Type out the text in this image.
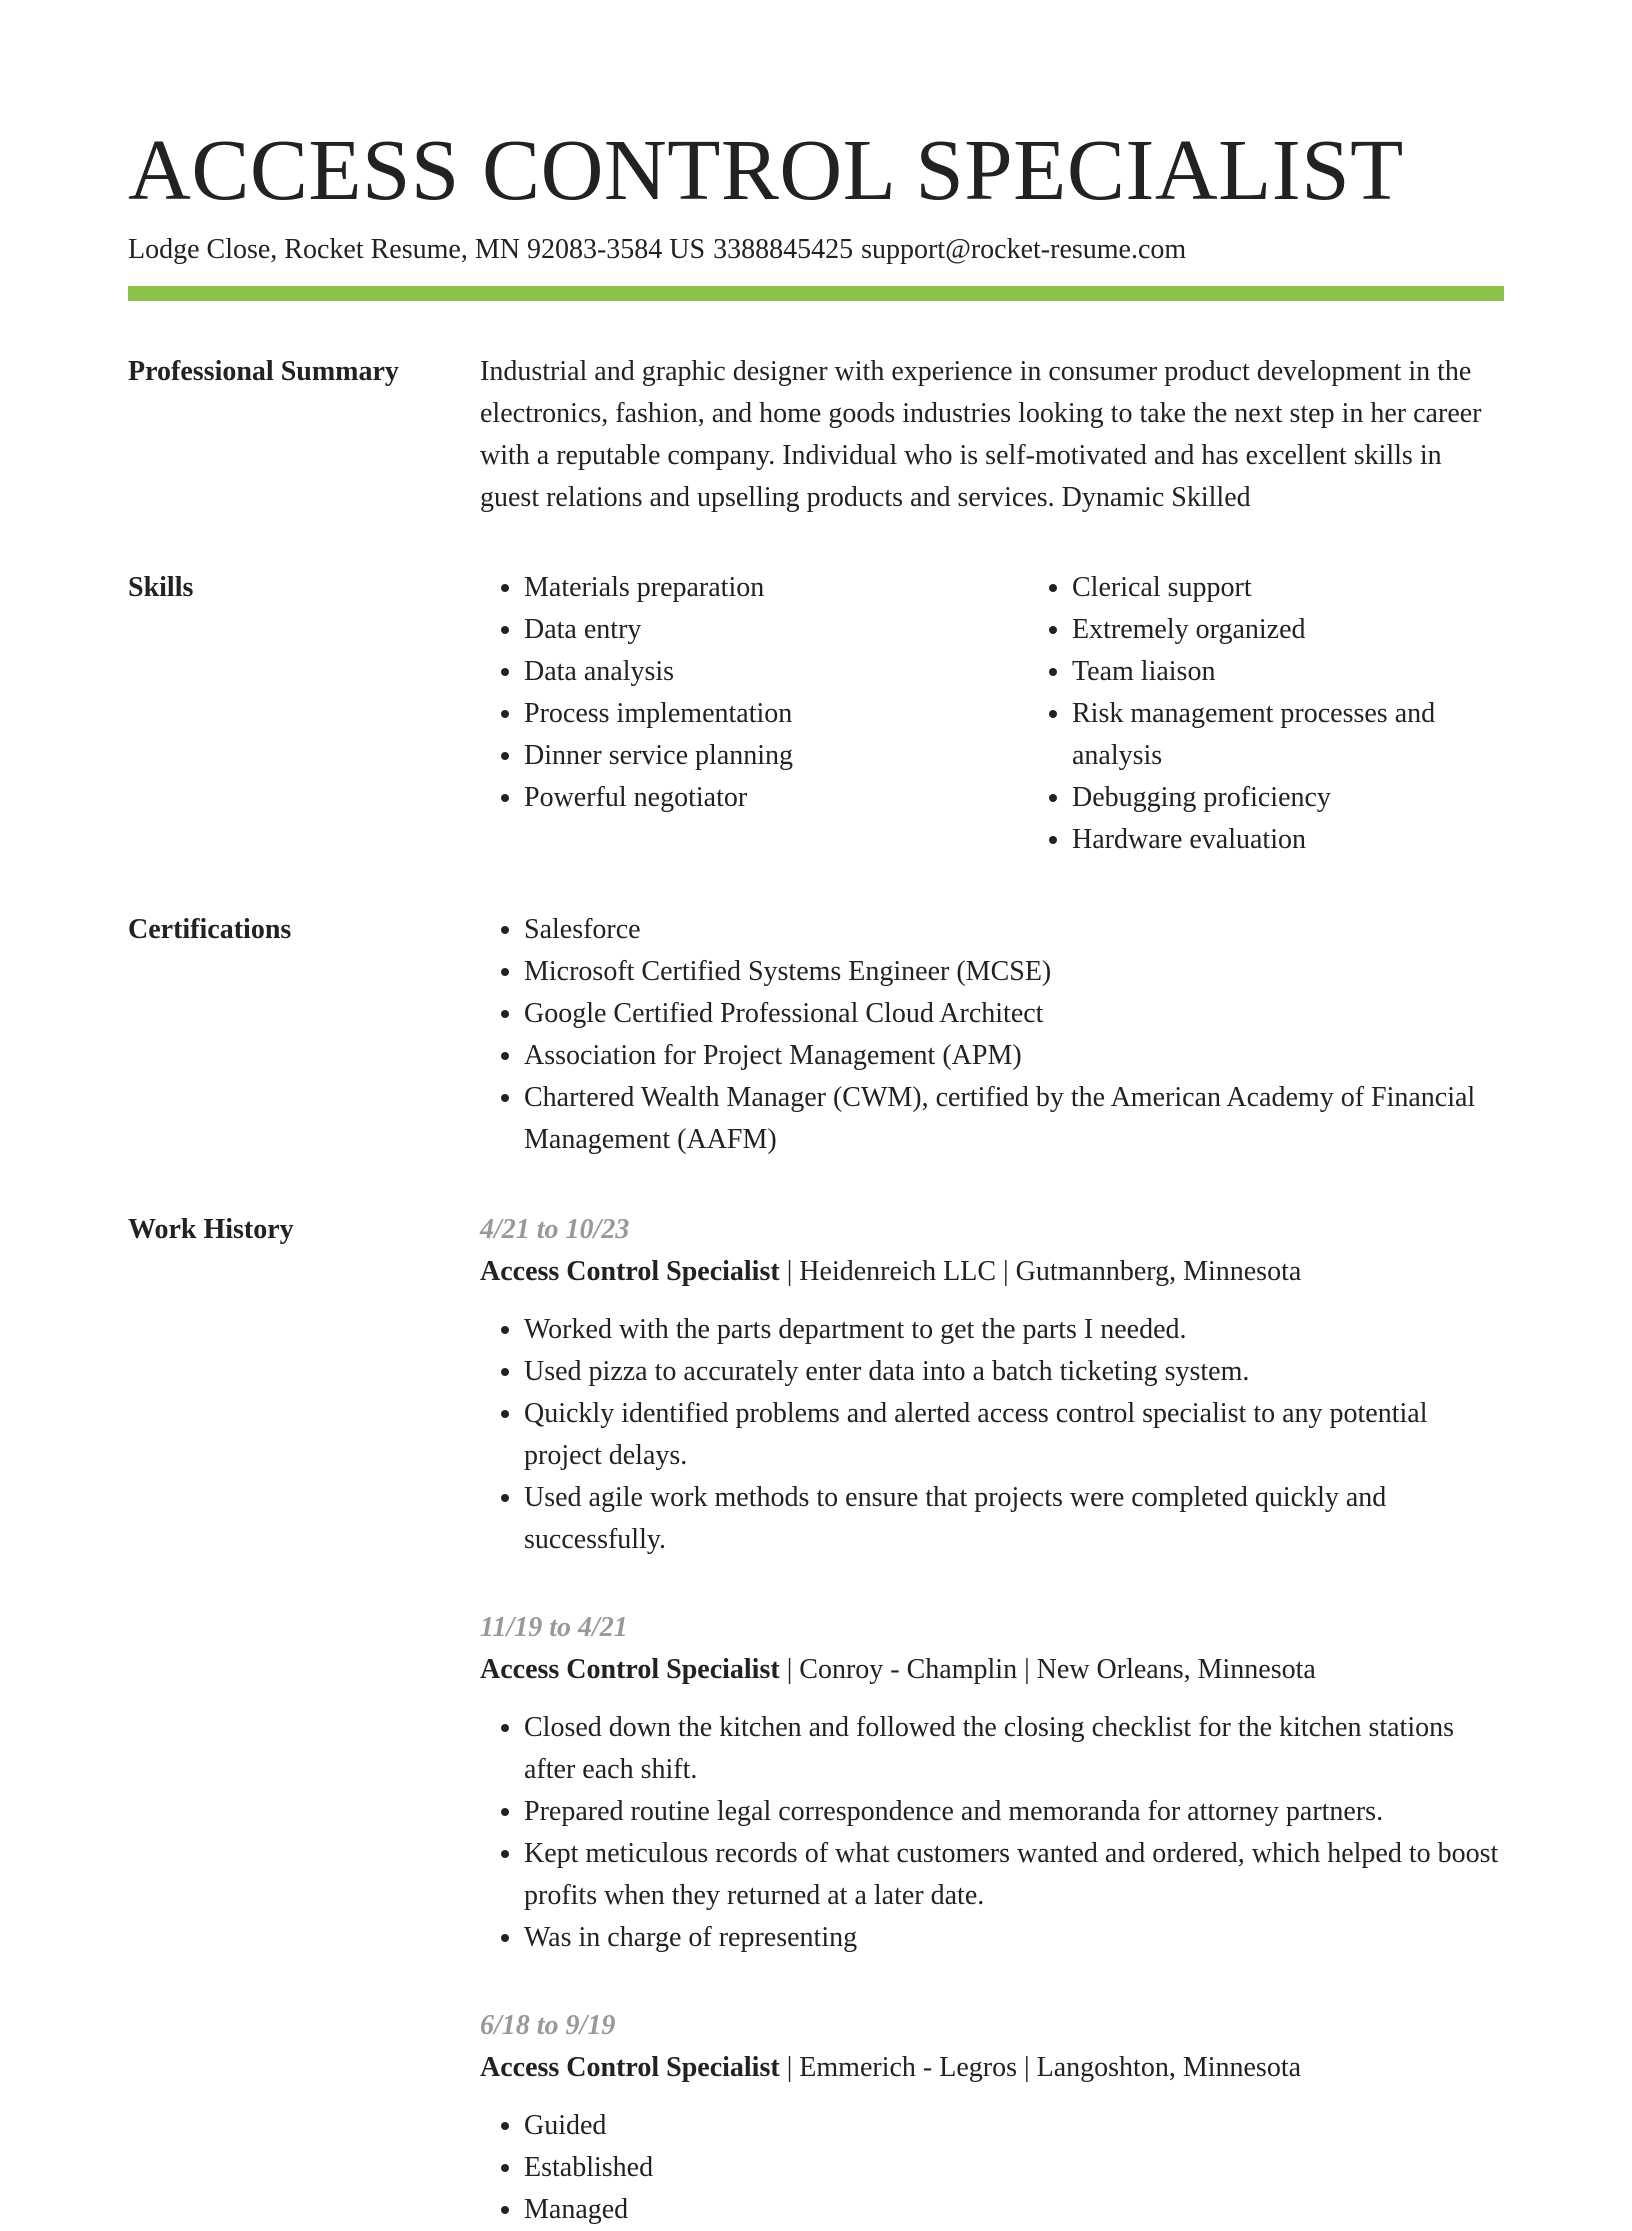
ACCESS CONTROL SPECIALIST
Lodge Close, Rocket Resume, MN 92083-3584 US 3388845425 support@rocket-resume.com
Professional Summary	Industrial and graphic designer with experience in consumer product development in the electronics, fashion, and home goods industries looking to take the next step in her career with a reputable company. Individual who is self-motivated and has excellent skills in guest relations and upselling products and services. Dynamic Skilled

Skills	• Materials preparation
• Data entry
• Data analysis
• Process implementation
• Dinner service planning
• Powerful negotiator
• Clerical support
• Extremely organized
• Team liaison
• Risk management processes and analysis
• Debugging proficiency
• Hardware evaluation
Certifications	• Salesforce
• Microsoft Certified Systems Engineer (MCSE)
• Google Certified Professional Cloud Architect
• Association for Project Management (APM)
• Chartered Wealth Manager (CWM), certified by the American Academy of Financial Management (AAFM)
Work History	4/21 to 10/23
Access Control Specialist | Heidenreich LLC | Gutmannberg, Minnesota
• Worked with the parts department to get the parts I needed.
• Used pizza to accurately enter data into a batch ticketing system.
• Quickly identified problems and alerted access control specialist to any potential project delays.
• Used agile work methods to ensure that projects were completed quickly and successfully.
11/19 to 4/21
Access Control Specialist | Conroy - Champlin | New Orleans, Minnesota
• Closed down the kitchen and followed the closing checklist for the kitchen stations after each shift.
• Prepared routine legal correspondence and memoranda for attorney partners.
• Kept meticulous records of what customers wanted and ordered, which helped to boost profits when they returned at a later date.
• Was in charge of representing
6/18 to 9/19
Access Control Specialist | Emmerich - Legros | Langoshton, Minnesota
• Guided
• Established
• Managed
